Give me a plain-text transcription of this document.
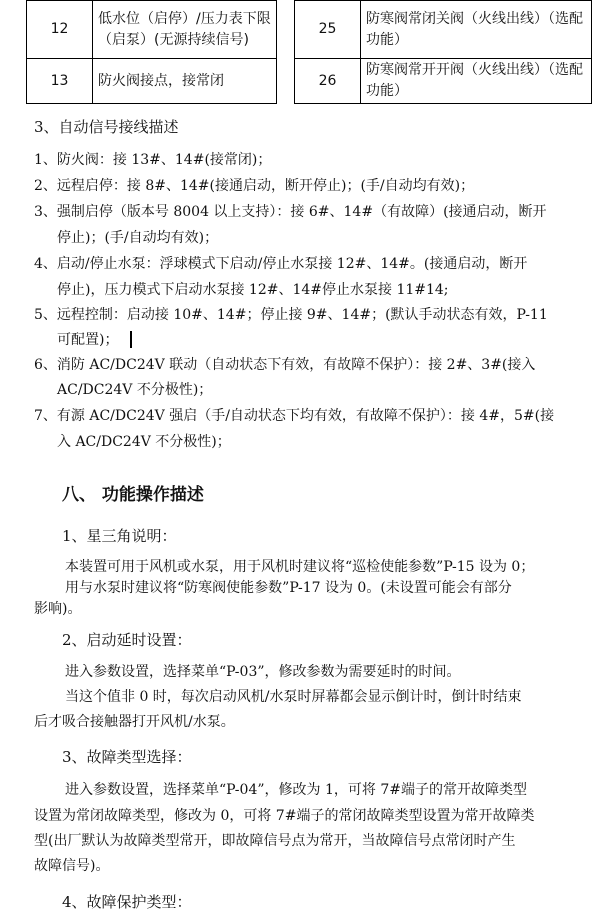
12	低水位（启停）/压力表下限（启泵）(无源持续信号)		25	防寒阀常闭关阀（火线出线）（选配功能）
13	防火阀接点，接常闭		26	防寒阀常开开阀（火线出线）（选配功能）
3、自动信号接线描述
1、防火阀：接 13#、14#(接常闭)；
2、远程启停：接 8#、14#(接通启动，断开停止)；(手/自动均有效)；
3、强制启停（版本号 8004 以上支持）：接 6#、14#（有故障）(接通启动，断开
停止)；(手/自动均有效)；
4、启动/停止水泵：浮球模式下启动/停止水泵接 12#、14#。(接通启动，断开
停止)，压力模式下启动水泵接 12#、14#停止水泵接 11#14;
5、远程控制：启动接 10#、14#；停止接 9#、14#；(默认手动状态有效，P-11
可配置)；
6、消防 AC/DC24V 联动（自动状态下有效，有故障不保护）：接 2#、3#(接入
AC/DC24V 不分极性)；
7、有源 AC/DC24V 强启（手/自动状态下均有效，有故障不保护）：接 4#，5#(接
入 AC/DC24V 不分极性)；
八、 功能操作描述
1、星三角说明：
本装置可用于风机或水泵，用于风机时建议将“巡检使能参数”P-15 设为 0；
用与水泵时建议将“防寒阀使能参数”P-17 设为 0。(未设置可能会有部分
影响)。
2、启动延时设置：
进入参数设置，选择菜单“P-03”，修改参数为需要延时的时间。
当这个值非 0 时，每次启动风机/水泵时屏幕都会显示倒计时，倒计时结束
后才吸合接触器打开风机/水泵。
3、故障类型选择：
进入参数设置，选择菜单“P-04”，修改为 1，可将 7#端子的常开故障类型
设置为常闭故障类型，修改为 0，可将 7#端子的常闭故障类型设置为常开故障类
型(出厂默认为故障类型常开，即故障信号点为常开，当故障信号点常闭时产生
故障信号)。
4、故障保护类型：
